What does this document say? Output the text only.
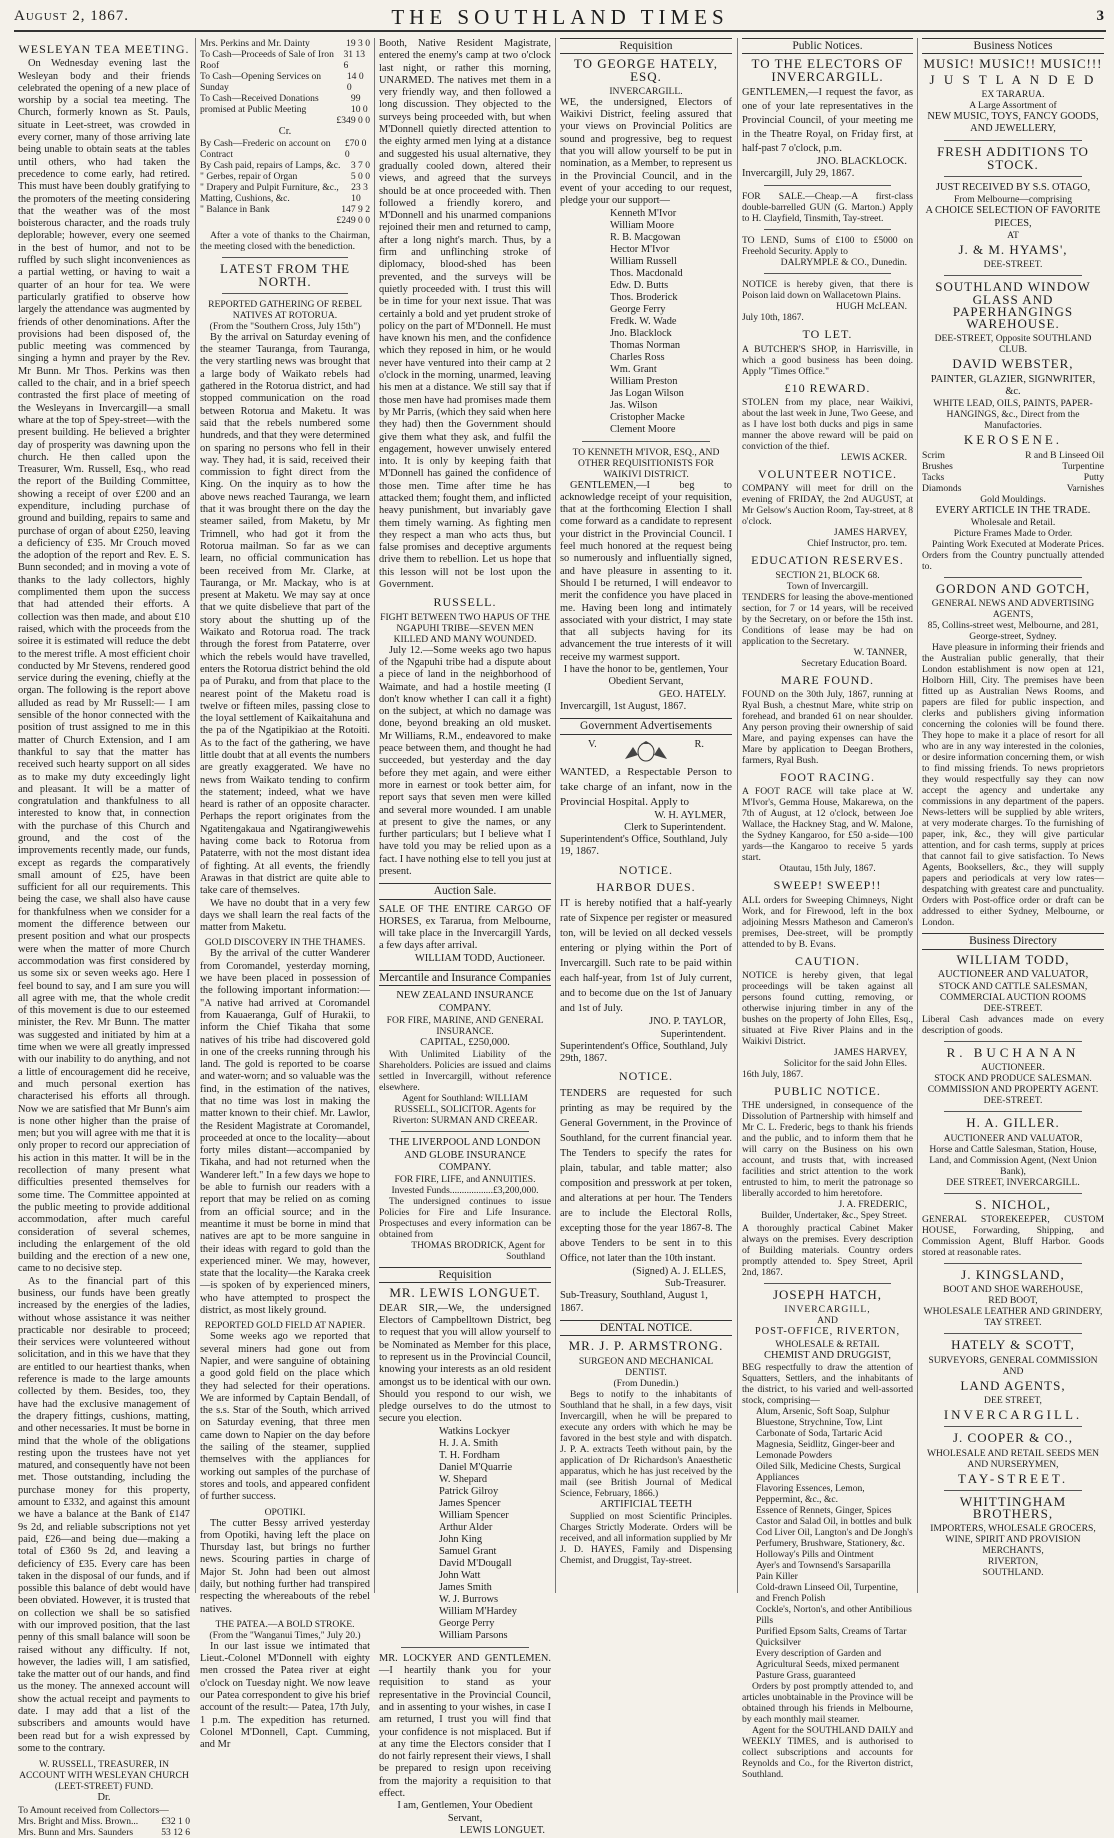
August 2, 1867.	THE SOUTHLAND TIMES	3
WESLEYAN TEA MEETING.

On Wednesday evening last the Wesleyan body and their friends celebrated the opening of a new place of worship by a social tea meeting. The Church, formerly known as St. Pauls, situate in Leet-street, was crowded in every corner, many of those arriving late being unable to obtain seats at the tables until others, who had taken the precedence to come early, had retired. This must have been doubly gratifying to the promoters of the meeting considering that the weather was of the most boisterous character, and the roads truly deplorable; however, every one seemed in the best of humor, and not to be ruffled by such slight inconveniences as a partial wetting, or having to wait a quarter of an hour for tea. We were particularly gratified to observe how largely the attendance was augmented by friends of other denominations. After the provisions had been disposed of, the public meeting was commenced by singing a hymn and prayer by the Rev. Mr Bunn. Mr Thos. Perkins was then called to the chair, and in a brief speech contrasted the first place of meeting of the Wesleyans in Invercargill—a small whare at the top of Spey-street—with the present building. He believed a brighter day of prosperity was dawning upon the church. He then called upon the Treasurer, Wm. Russell, Esq., who read the report of the Building Committee, showing a receipt of over £200 and an expenditure, including purchase of ground and building, repairs to same and purchase of organ of about £250, leaving a deficiency of £35. Mr Crouch moved the adoption of the report and Rev. E. S. Bunn seconded; and in moving a vote of thanks to the lady collectors, highly complimented them upon the success that had attended their efforts. A collection was then made, and about £10 raised, which with the proceeds from the soiree it is estimated will reduce the debt to the merest trifle. A most efficient choir conducted by Mr Stevens, rendered good service during the evening, chiefly at the organ. The following is the report above alluded as read by Mr Russell:— I am sensible of the honor connected with the position of trust assigned to me in this matter of Church Extension, and I am thankful to say that the matter has received such hearty support on all sides as to make my duty exceedingly light and pleasant. It will be a matter of congratulation and thankfulness to all interested to know that, in connection with the purchase of this Church and ground, and the cost of the improvements recently made, our funds, except as regards the comparatively small amount of £25, have been sufficient for all our requirements. This being the case, we shall also have cause for thankfulness when we consider for a moment the difference between our present position and what our prospects were when the matter of more Church accommodation was first considered by us some six or seven weeks ago. Here I feel bound to say, and I am sure you will all agree with me, that the whole credit of this movement is due to our esteemed minister, the Rev. Mr Bunn. The matter was suggested and initiated by him at a time when we were all greatly impressed with our inability to do anything, and not a little of encouragement did he receive, and much personal exertion has characterised his efforts all through. Now we are satisfied that Mr Bunn's aim is none other higher than the praise of men; but you will agree with me that it is only proper to record our appreciation of his action in this matter. It will be in the recollection of many present what difficulties presented themselves for some time. The Committee appointed at the public meeting to provide additional accommodation, after much careful consideration of several schemes, including the enlargement of the old building and the erection of a new one, came to no decisive step.

As to the financial part of this business, our funds have been greatly increased by the energies of the ladies, without whose assistance it was neither practicable nor desirable to proceed; their services were volunteered without solicitation, and in this we have that they are entitled to our heartiest thanks, when reference is made to the large amounts collected by them. Besides, too, they have had the exclusive management of the drapery fittings, cushions, matting, and other necessaries. It must be borne in mind that the whole of the obligations resting upon the trustees have not yet matured, and consequently have not been met. Those outstanding, including the purchase money for this property, amount to £332, and against this amount we have a balance at the Bank of £147 9s 2d, and reliable subscriptions not yet paid, £26—and being due—making a total of £360 9s 2d, and leaving a deficiency of £35. Every care has been taken in the disposal of our funds, and if possible this balance of debt would have been obviated. However, it is trusted that on collection we shall be so satisfied with our improved position, that the last penny of this small balance will soon be raised without any difficulty. If not, however, the ladies will, I am satisfied, take the matter out of our hands, and find us the money. The annexed account will show the actual receipt and payments to date. I may add that a list of the subscribers and amounts would have been read but for a wish expressed by some to the contrary.

W. RUSSELL, TREASURER, IN ACCOUNT WITH WESLEYAN CHURCH (LEET-STREET) FUND.
Dr.
To Amount received from Collectors—
Mrs. Bright and Miss. Brown... £32 1 0
Mrs. Bunn and Mrs. Saunders	53 12 6
Mrs. Perkins and Mr. Dainty	19 3 0
To Cash—Proceeds of Sale of Iron Roof
31 13 6
To Cash—Opening Services on Sunday
14 0 0
To Cash—Received Donations promised at Public Meeting
99 10 0
£349 0 0
Cr.
By Cash—Frederic on account on Contract
£70 0 0
By Cash paid, repairs of Lamps, &c. 3 7 0
" Gerbes, repair of Organ	5 0 0
" Drapery and Pulpit Furniture, &c., Matting, Cushions, &c.
23 3 10
" Balance in Bank	147 9 2
£249 0 0

After a vote of thanks to the Chairman, the meeting closed with the benediction.

LATEST FROM THE NORTH.
REPORTED GATHERING OF REBEL NATIVES AT ROTORUA.
(From the "Southern Cross, July 15th")

By the arrival on Saturday evening of the steamer Tauranga, from Tauranga, the very startling news was brought that a large body of Waikato rebels had gathered in the Rotorua district, and had stopped communication on the road between Rotorua and Maketu. It was said that the rebels numbered some hundreds, and that they were determined on sparing no persons who fell in their way. They had, it is said, received their commission to fight direct from the King. On the inquiry as to how the above news reached Tauranga, we learn that it was brought there on the day the steamer sailed, from Maketu, by Mr Trimnell, who had got it from the Rotorua mailman. So far as we can learn, no official communication has been received from Mr. Clarke, at Tauranga, or Mr. Mackay, who is at present at Maketu. We may say at once that we quite disbelieve that part of the story about the shutting up of the Waikato and Rotorua road. The track through the forest from Pataterre, over which the rebels would have travelled, enters the Rotorua district behind the old pa of Puraku, and from that place to the nearest point of the Maketu road is twelve or fifteen miles, passing close to the loyal settlement of Kaikaitahuna and the pa of the Ngatipikiao at the Rotoiti. As to the fact of the gathering, we have little doubt that at all events the numbers are greatly exaggerated. We have no news from Waikato tending to confirm the statement; indeed, what we have heard is rather of an opposite character. Perhaps the report originates from the Ngatitengakaua and Ngatirangiwewehis having come back to Rotorua from Pataterre, with not the most distant idea of fighting. At all events, the friendly Arawas in that district are quite able to take care of themselves.

We have no doubt that in a very few days we shall learn the real facts of the matter from Maketu.

GOLD DISCOVERY IN THE THAMES.

By the arrival of the cutter Wanderer from Coromandel, yesterday morning, we have been placed in possession of the following important information:— "A native had arrived at Coromandel from Kauaeranga, Gulf of Hurakii, to inform the Chief Tikaha that some natives of his tribe had discovered gold in one of the creeks running through his land. The gold is reported to be coarse and water-worn; and so valuable was the find, in the estimation of the natives, that no time was lost in making the matter known to their chief. Mr. Lawlor, the Resident Magistrate at Coromandel, proceeded at once to the locality—about forty miles distant—accompanied by Tikaha, and had not returned when the Wanderer left." In a few days we hope to be able to furnish our readers with a report that may be relied on as coming from an official source; and in the meantime it must be borne in mind that natives are apt to be more sanguine in their ideas with regard to gold than the experienced miner. We may, however, state that the locality—the Karaka creek—is spoken of by experienced miners, who have attempted to prospect the district, as most likely ground.

REPORTED GOLD FIELD AT NAPIER.

Some weeks ago we reported that several miners had gone out from Napier, and were sanguine of obtaining a good gold field on the place which they had selected for their operations. We are informed by Captain Bendall, of the s.s. Star of the South, which arrived on Saturday evening, that three men came down to Napier on the day before the sailing of the steamer, supplied themselves with the appliances for working out samples of the purchase of stores and tools, and appeared confident of further success.

OPOTIKI.

The cutter Bessy arrived yesterday from Opotiki, having left the place on Thursday last, but brings no further news. Scouring parties in charge of Major St. John had been out almost daily, but nothing further had transpired respecting the whereabouts of the rebel natives.

THE PATEA.—A BOLD STROKE.
(From the "Wanganui Times," July 20.)

In our last issue we intimated that Lieut.-Colonel M'Donnell with eighty men crossed the Patea river at eight o'clock on Tuesday night. We now leave our Patea correspondent to give his brief account of the result:— Patea, 17th July, 1 p.m. The expedition has returned. Colonel M'Donnell, Capt. Cumming, and Mr

Booth, Native Resident Magistrate, entered the enemy's camp at two o'clock last night, or rather this morning, UNARMED. The natives met them in a very friendly way, and then followed a long discussion. They objected to the surveys being proceeded with, but when M'Donnell quietly directed attention to the eighty armed men lying at a distance and suggested his usual alternative, they gradually cooled down, altered their views, and agreed that the surveys should be at once proceeded with. Then followed a friendly korero, and M'Donnell and his unarmed companions rejoined their men and returned to camp, after a long night's march. Thus, by a firm and unflinching stroke of diplomacy, blood-shed has been prevented, and the surveys will be quietly proceeded with. I trust this will be in time for your next issue. That was certainly a bold and yet prudent stroke of policy on the part of M'Donnell. He must have known his men, and the confidence which they reposed in him, or he would never have ventured into their camp at 2 o'clock in the morning, unarmed, leaving his men at a distance. We still say that if those men have had promises made them by Mr Parris, (which they said when here they had) then the Government should give them what they ask, and fulfil the engagement, however unwisely entered into. It is only by keeping faith that M'Donnell has gained the confidence of those men. Time after time he has attacked them; fought them, and inflicted heavy punishment, but invariably gave them timely warning. As fighting men they respect a man who acts thus, but false promises and deceptive arguments drive them to rebellion. Let us hope that this lesson will not be lost upon the Government.

RUSSELL.
FIGHT BETWEEN TWO HAPUS OF THE NGAPUHI TRIBE—SEVEN MEN KILLED AND MANY WOUNDED.

July 12.—Some weeks ago two hapus of the Ngapuhi tribe had a dispute about a piece of land in the neighborhood of Waimate, and had a hostile meeting (I don't know whether I can call it a fight) on the subject, at which no damage was done, beyond breaking an old musket. Mr Williams, R.M., endeavored to make peace between them, and thought he had succeeded, but yesterday and the day before they met again, and were either more in earnest or took better aim, for report says that seven men were killed and several more wounded. I am unable at present to give the names, or any further particulars; but I believe what I have told you may be relied upon as a fact. I have nothing else to tell you just at present.

Auction Sale.

SALE OF THE ENTIRE CARGO OF HORSES, ex Tararua, from Melbourne, will take place in the Invercargill Yards, a few days after arrival.

WILLIAM TODD, Auctioneer.
Mercantile and Insurance Companies
NEW ZEALAND INSURANCE COMPANY.
FOR FIRE, MARINE, AND GENERAL INSURANCE.
CAPITAL, £250,000.

With Unlimited Liability of the Shareholders. Policies are issued and claims settled in Invercargill, without reference elsewhere.

Agent for Southland: WILLIAM RUSSELL, SOLICITOR. Agents for Riverton: SURMAN AND CREEAR.
THE LIVERPOOL AND LONDON AND GLOBE INSURANCE COMPANY.
FOR FIRE, LIFE, and ANNUITIES.
Invested Funds..................£3,200,000.

The undersigned continues to issue Policies for Fire and Life Insurance. Prospectuses and every information can be obtained from

THOMAS BRODRICK, Agent for Southland
Requisition
MR. LEWIS LONGUET.

DEAR SIR,—We, the undersigned Electors of Campbelltown District, beg to request that you will allow yourself to be Nominated as Member for this place, to represent us in the Provincial Council, knowing your interests as an old resident amongst us to be identical with our own. Should you respond to our wish, we pledge ourselves to do the utmost to secure you election.

Watkins Lockyer
H. J. A. Smith
T. H. Fordham
Daniel M'Quarrie
W. Shepard
Patrick Gilroy
James Spencer
William Spencer
Arthur Alder
John King
Samuel Grant
David M'Dougall
John Watt
James Smith
W. J. Burrows
William M'Hardey
George Perry
William Parsons

MR. LOCKYER AND GENTLEMEN.—I heartily thank you for your requisition to stand as your representative in the Provincial Council, and in assenting to your wishes, in case I am returned, I trust you will find that your confidence is not misplaced. But if at any time the Electors consider that I do not fairly represent their views, I shall be prepared to resign upon receiving from the majority a requisition to that effect.

I am, Gentlemen, Your Obedient Servant,
LEWIS LONGUET.
Requisition
TO GEORGE HATELY, ESQ.
INVERCARGILL.

WE, the undersigned, Electors of Waikivi District, feeling assured that your views on Provincial Politics are sound and progressive, beg to request that you will allow yourself to be put in nomination, as a Member, to represent us in the Provincial Council, and in the event of your acceding to our request, pledge your our support—

Kenneth M'Ivor
William Moore
R. B. Macgowan
Hector M'Ivor
William Russell
Thos. Macdonald
Edw. D. Butts
Thos. Broderick
George Ferry
Fredk. W. Wade
Jno. Blacklock
Thomas Norman
Charles Ross
Wm. Grant
William Preston
Jas Logan Wilson
Jas. Wilson
Cristopher Macke
Clement Moore
TO KENNETH M'IVOR, ESQ., AND OTHER REQUISITIONISTS FOR WAIKIVI DISTRICT.

GENTLEMEN,—I beg to acknowledge receipt of your requisition, that at the forthcoming Election I shall come forward as a candidate to represent your district in the Provincial Council. I feel much honored at the request being so numerously and influentially signed, and have pleasure in assenting to it. Should I be returned, I will endeavor to merit the confidence you have placed in me. Having been long and intimately associated with your district, I may state that all subjects having for its advancement the true interests of it will receive my warmest support.

I have the honor to be, gentlemen, Your Obedient Servant,
GEO. HATELY.
Invercargill, 1st August, 1867.
Government Advertisements
V.	R.

WANTED, a Respectable Person to take charge of an infant, now in the Provincial Hospital. Apply to

W. H. AYLMER,
Clerk to Superintendent.
Superintendent's Office, Southland, July 19, 1867.
NOTICE.
HARBOR DUES.

IT is hereby notified that a half-yearly rate of Sixpence per register or measured ton, will be levied on all decked vessels entering or plying within the Port of Invercargill. Such rate to be paid within each half-year, from 1st of July current, and to become due on the 1st of January and 1st of July.

JNO. P. TAYLOR,
Superintendent.
Superintendent's Office, Southland, July 29th, 1867.
NOTICE.

TENDERS are requested for such printing as may be required by the General Government, in the Province of Southland, for the current financial year. The Tenders to specify the rates for plain, tabular, and table matter; also composition and presswork at per token, and alterations at per hour. The Tenders are to include the Electoral Rolls, excepting those for the year 1867-8. The above Tenders to be sent in to this Office, not later than the 10th instant.

(Signed) A. J. ELLES,
Sub-Treasurer.
Sub-Treasury, Southland, August 1, 1867.
DENTAL NOTICE.
MR. J. P. ARMSTRONG.
SURGEON AND MECHANICAL DENTIST.
(From Dunedin.)

Begs to notify to the inhabitants of Southland that he shall, in a few days, visit Invercargill, when he will be prepared to execute any orders with which he may be favored in the best style and with dispatch. J. P. A. extracts Teeth without pain, by the application of Dr Richardson's Anaesthetic apparatus, which he has just received by the mail (see British Journal of Medical Science, February, 1866.)

ARTIFICIAL TEETH

Supplied on most Scientific Principles. Charges Strictly Moderate. Orders will be received, and all information supplied by Mr J. D. HAYES, Family and Dispensing Chemist, and Druggist, Tay-street.

Public Notices.
TO THE ELECTORS OF INVERCARGILL.

GENTLEMEN,—I request the favor, as one of your late representatives in the Provincial Council, of your meeting me in the Theatre Royal, on Friday first, at half-past 7 o'clock, p.m.

JNO. BLACKLOCK.
Invercargill, July 29, 1867.

FOR SALE.—Cheap.—A first-class double-barrelled GUN (G. Marton.) Apply to H. Clayfield, Tinsmith, Tay-street.

TO LEND, Sums of £100 to £5000 on Freehold Security. Apply to

DALRYMPLE & CO., Dunedin.

NOTICE is hereby given, that there is Poison laid down on Wallacetown Plains.

HUGH McLEAN.
July 10th, 1867.
TO LET.

A BUTCHER'S SHOP, in Harrisville, in which a good business has been doing. Apply "Times Office."

£10 REWARD.

STOLEN from my place, near Waikivi, about the last week in June, Two Geese, and as I have lost both ducks and pigs in same manner the above reward will be paid on conviction of the thief.

LEWIS ACKER.
VOLUNTEER NOTICE.

COMPANY will meet for drill on the evening of FRIDAY, the 2nd AUGUST, at Mr Gelsow's Auction Room, Tay-street, at 8 o'clock.

JAMES HARVEY,
Chief Instructor, pro. tem.
EDUCATION RESERVES.
SECTION 21, BLOCK 68.
Town of Invercargill.

TENDERS for leasing the above-mentioned section, for 7 or 14 years, will be received by the Secretary, on or before the 15th inst. Conditions of lease may be had on application to the Secretary.

W. TANNER,
Secretary Education Board.
MARE FOUND.

FOUND on the 30th July, 1867, running at Ryal Bush, a chestnut Mare, white strip on forehead, and branded 61 on near shoulder. Any person proving their ownership of said Mare, and paying expenses can have the Mare by application to Deegan Brothers, farmers, Ryal Bush.

FOOT RACING.

A FOOT RACE will take place at W. M'Ivor's, Gemma House, Makarewa, on the 7th of August, at 12 o'clock, between Joe Wallace, the Hackney Stag, and W. Malone, the Sydney Kangaroo, for £50 a-side—100 yards—the Kangaroo to receive 5 yards start.

Otautau, 15th July, 1867.
SWEEP! SWEEP!!

ALL orders for Sweeping Chimneys, Night Work, and for Firewood, left in the box adjoining Messrs Matheson and Cameron's premises, Dee-street, will be promptly attended to by B. Evans.

CAUTION.

NOTICE is hereby given, that legal proceedings will be taken against all persons found cutting, removing, or otherwise injuring timber in any of the bushes on the property of John Elles, Esq., situated at Five River Plains and in the Waikivi District.

JAMES HARVEY,
Solicitor for the said John Elles.
16th July, 1867.
PUBLIC NOTICE.

THE undersigned, in consequence of the Dissolution of Partnership with himself and Mr C. L. Frederic, begs to thank his friends and the public, and to inform them that he will carry on the Business on his own account, and trusts that, with increased facilities and strict attention to the work entrusted to him, to merit the patronage so liberally accorded to him heretofore.

J. A. FREDERIC,
Builder, Undertaker, &c., Spey Street.

A thoroughly practical Cabinet Maker always on the premises. Every description of Building materials. Country orders promptly attended to. Spey Street, April 2nd, 1867.

JOSEPH HATCH,
INVERCARGILL,
AND
POST-OFFICE, RIVERTON,
WHOLESALE & RETAIL
CHEMIST AND DRUGGIST,

BEG respectfully to draw the attention of Squatters, Settlers, and the inhabitants of the district, to his varied and well-assorted stock, comprising—

Alum, Arsenic, Soft Soap, Sulphur
Bluestone, Strychnine, Tow, Lint
Carbonate of Soda, Tartaric Acid
Magnesia, Seidlitz, Ginger-beer and Lemonade Powders
Oiled Silk, Medicine Chests, Surgical Appliances
Flavoring Essences, Lemon, Peppermint, &c., &c.
Essence of Rennets, Ginger, Spices
Castor and Salad Oil, in bottles and bulk
Cod Liver Oil, Langton's and De Jongh's
Perfumery, Brushware, Stationery, &c.
Holloway's Pills and Ointment
Ayer's and Townsend's Sarsaparilla
Pain Killer
Cold-drawn Linseed Oil, Turpentine, and French Polish
Cockle's, Norton's, and other Antibilious Pills
Purified Epsom Salts, Creams of Tartar Quicksilver
Every description of Garden and Agricultural Seeds, mixed permanent Pasture Grass, guaranteed

Orders by post promptly attended to, and articles unobtainable in the Province will be obtained through his friends in Melbourne, by each monthly mail steamer.

Agent for the SOUTHLAND DAILY and WEEKLY TIMES, and is authorised to collect subscriptions and accounts for Reynolds and Co., for the Riverton district, Southland.

Business Notices
MUSIC! MUSIC!! MUSIC!!!
J U S T L A N D E D
EX TARARUA.
A Large Assortment of
NEW MUSIC, TOYS, FANCY GOODS, AND JEWELLERY,
FRESH ADDITIONS TO STOCK.
JUST RECEIVED BY S.S. OTAGO,
From Melbourne—comprising
A CHOICE SELECTION OF FAVORITE PIECES,
AT
J. & M. HYAMS',
DEE-STREET.
SOUTHLAND WINDOW GLASS AND PAPERHANGINGS WAREHOUSE.
DEE-STREET, Opposite SOUTHLAND CLUB.
DAVID WEBSTER,
PAINTER, GLAZIER, SIGNWRITER, &c.
WHITE LEAD, OILS, PAINTS, PAPER-HANGINGS, &c., Direct from the Manufactories.
KEROSENE.
Scrim	R and B Linseed Oil
Brushes	Turpentine
Tacks	Putty
Diamonds	Varnishes
Gold Mouldings.
EVERY ARTICLE IN THE TRADE.
Wholesale and Retail.
Picture Frames Made to Order.

Painting Work Executed at Moderate Prices. Orders from the Country punctually attended to.

GORDON AND GOTCH,
GENERAL NEWS AND ADVERTISING AGENTS,
85, Collins-street west, Melbourne, and 281, George-street, Sydney.

Have pleasure in informing their friends and the Australian public generally, that their London establishment is now open at 121, Holborn Hill, City. The premises have been fitted up as Australian News Rooms, and papers are filed for public inspection, and clerks and publishers giving information concerning the colonies will be found there. They hope to make it a place of resort for all who are in any way interested in the colonies, or desire information concerning them, or wish to find missing friends. To news proprietors they would respectfully say they can now accept the agency and undertake any commissions in any department of the papers. News-letters will be supplied by able writers, at very moderate charges. To the furnishing of paper, ink, &c., they will give particular attention, and for cash terms, supply at prices that cannot fail to give satisfaction. To News Agents, Booksellers, &c., they will supply papers and periodicals at very low rates—despatching with greatest care and punctuality. Orders with Post-office order or draft can be addressed to either Sydney, Melbourne, or London.

Business Directory
WILLIAM TODD,
AUCTIONEER AND VALUATOR,
STOCK AND CATTLE SALESMAN, COMMERCIAL AUCTION ROOMS
DEE-STREET.

Liberal Cash advances made on every description of goods.

R. BUCHANAN
AUCTIONEER.
STOCK AND PRODUCE SALESMAN.
COMMISSION AND PROPERTY AGENT.
DEE-STREET.
H. A. GILLER.
AUCTIONEER AND VALUATOR,
Horse and Cattle Salesman, Station, House, Land, and Commission Agent, (Next Union Bank),
DEE STREET, INVERCARGILL.
S. NICHOL,

GENERAL STOREKEEPER, CUSTOM HOUSE, Forwarding, Shipping, and Commission Agent, Bluff Harbor. Goods stored at reasonable rates.

J. KINGSLAND,
BOOT AND SHOE WAREHOUSE,
RED BOOT,
WHOLESALE LEATHER AND GRINDERY,
TAY STREET.
HATELY & SCOTT,
SURVEYORS, GENERAL COMMISSION AND
LAND AGENTS,
DEE STREET,
INVERCARGILL.
J. COOPER & CO.,
WHOLESALE AND RETAIL SEEDS MEN AND NURSERYMEN,
TAY-STREET.
WHITTINGHAM BROTHERS,
IMPORTERS, WHOLESALE GROCERS, WINE, SPIRIT AND PROVISION
MERCHANTS,
RIVERTON,
SOUTHLAND.
